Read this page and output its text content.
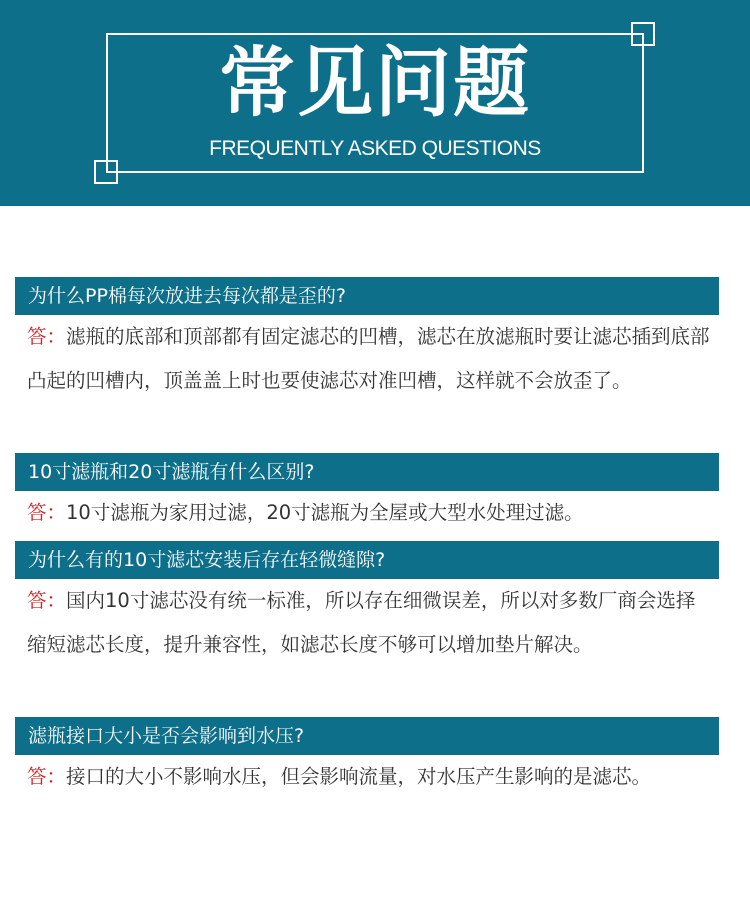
常见问题
FREQUENTLY ASKED QUESTIONS
为什么PP棉每次放进去每次都是歪的?

答：滤瓶的底部和顶部都有固定滤芯的凹槽，滤芯在放滤瓶时要让滤芯插到底部凸起的凹槽内，顶盖盖上时也要使滤芯对准凹槽，这样就不会放歪了。

10寸滤瓶和20寸滤瓶有什么区别?

答：10寸滤瓶为家用过滤，20寸滤瓶为全屋或大型水处理过滤。

为什么有的10寸滤芯安装后存在轻微缝隙?

答：国内10寸滤芯没有统一标准，所以存在细微误差，所以对多数厂商会选择缩短滤芯长度，提升兼容性，如滤芯长度不够可以增加垫片解决。

滤瓶接口大小是否会影响到水压?

答：接口的大小不影响水压，但会影响流量，对水压产生影响的是滤芯。
